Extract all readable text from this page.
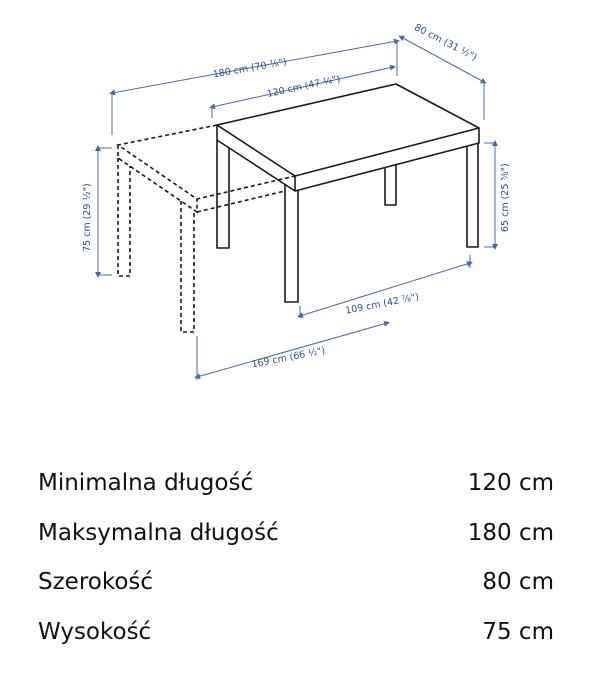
180 cm (70 ⅞")
120 cm (47 ¼")
80 cm (31 ½")
75 cm (29 ½")	65 cm (25 ⅝")
109 cm (42 ⅞")
169 cm (66 ½")
Minimalna długość	120 cm
Maksymalna długość	180 cm
Szerokość	80 cm
Wysokość	75 cm
